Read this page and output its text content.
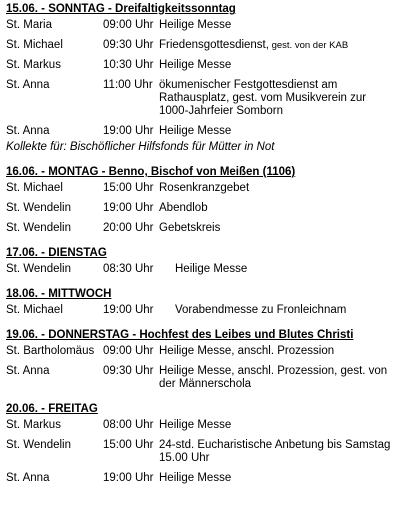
15.06. - SONNTAG - Dreifaltigkeitssonntag
St. Maria	09:00 Uhr Heilige Messe
St. Michael	09:30 Uhr Friedensgottesdienst, gest. von der KAB
St. Markus	10:30 Uhr Heilige Messe
St. Anna	11:00 Uhr ökumenischer Festgottesdienst am Rathausplatz, gest. vom Musikverein zur 1000-Jahrfeier Somborn
St. Anna	19:00 Uhr Heilige Messe
Kollekte für: Bischöflicher Hilfsfonds für Mütter in Not
16.06. - MONTAG - Benno, Bischof von Meißen (1106)
St. Michael	15:00 Uhr Rosenkranzgebet
St. Wendelin	19:00 Uhr Abendlob
St. Wendelin	20:00 Uhr Gebetskreis
17.06. - DIENSTAG
St. Wendelin	08:30 Uhr	Heilige Messe
18.06. - MITTWOCH
St. Michael	19:00 Uhr	Vorabendmesse zu Fronleichnam
19.06. - DONNERSTAG - Hochfest des Leibes und Blutes Christi
St. Bartholomäus 09:00 Uhr Heilige Messe, anschl. Prozession
St. Anna	09:30 Uhr Heilige Messe, anschl. Prozession, gest. von der Männerschola
20.06. - FREITAG
St. Markus	08:00 Uhr Heilige Messe
St. Wendelin	15:00 Uhr 24-std. Eucharistische Anbetung bis Samstag 15.00 Uhr
St. Anna	19:00 Uhr Heilige Messe
